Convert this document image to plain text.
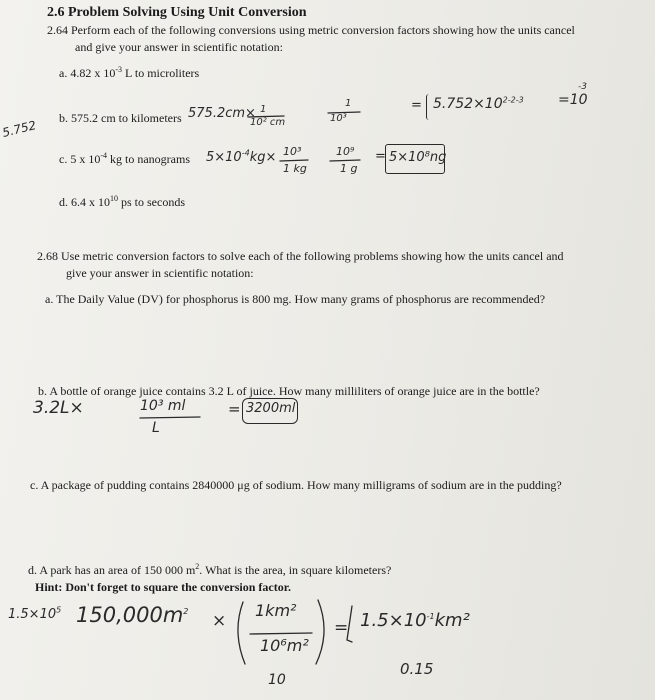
2.6 Problem Solving Using Unit Conversion
2.64 Perform each of the following conversions using metric conversion factors showing how the units cancel
and give your answer in scientific notation:
a. 4.82 x $10^{-3}$ L to microliters
b. 575.2 cm to kilometers
c. 5 x $10^{-4}$ kg to nanograms
d. 6.4 x $10^{10}$ ps to seconds
2.68 Use metric conversion factors to solve each of the following problems showing how the units cancel and
give your answer in scientific notation:
a. The Daily Value (DV) for phosphorus is 800 mg. How many grams of phosphorus are recommended?
b. A bottle of orange juice contains 3.2 L of juice. How many milliliters of orange juice are in the bottle?
c. A package of pudding contains 2840000 μg of sodium. How many milligrams of sodium are in the pudding?
d. A park has an area of 150 000 $m^2$. What is the area, in square kilometers?
Hint: Don't forget to square the conversion factor.
5.752
575.2cm× 1
10² cm
1
10³
= $5.752\times 10^{2-2-3}$
-3
=10
$5\times 10^{-4}kg\times 10^3$
1 kg
10⁹
1 g
= 5×10⁸ng
3.2L×	10³ ml
L
= 3200ml
$1.5\times 10^5$ $150,000m^2$ ×
1km²
10⁶m²
10
= $1.5\times 10^{-1}km^2$
0.15
